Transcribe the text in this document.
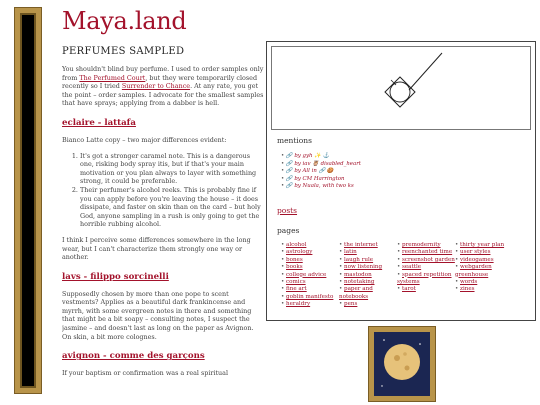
Maya.land
PERFUMES SAMPLED

You shouldn't blind buy perfume. I used to order samples only from The Perfumed Court, but they were temporarily closed recently so I tried Surrender to Chance. At any rate, you get the point – order samples. I advocate for the smallest samples that have sprays; applying from a dabber is hell.

eclaire - lattafa

Bianco Latte copy – two major differences evident:

1. It's got a stronger caramel note. This is a dangerous one, risking body spray itis, but if that's your main motivation or you plan always to layer with something strong, it could be preferable.
2. Their perfumer's alcohol reeks. This is probably fine if you can apply before you're leaving the house – it does dissipate, and faster on skin than on the card – but holy God, anyone sampling in a rush is only going to get the horrible rubbing alcohol.

I think I perceive some differences somewhere in the long wear, but I can't characterize them strongly one way or another.

lavs - filippo sorcinelli

Supposedly chosen by more than one pope to scent vestments? Applies as a beautiful dark frankincense and myrrh, with some evergreen notes in there and something that might be a bit soapy – consulting notes, I suspect the jasmine – and doesn't last as long on the paper as Avignon. On skin, a bit more colognes.

avignon - comme des garçons

If your baptism or confirmation was a real spiritual

mentions
• 🔗 by gyh ✨ ⚓
• 🔗 by iav 🦉 disabled_heart
• 🔗 by All in 🔗 🍪
• 🔗 by CM Harrington
• 🔗 by Nuala, with two ks
posts
pages
• alcohol
• astrology
• bones
• books
• college advice
• comics
• fine art
• goblin manifesto
• heraldry
• the internet
• latin
• laugh rule
• now listening
• mastodon
• notetaking
• paper and notebooks
• pens
• premodernity
• reenchanted time
• screenshot garden
• seattle
• spaced repetition systems
• tarot
• thirty year plan
• user styles
• videogames
• webgarden greenhouse
• words
• zines
